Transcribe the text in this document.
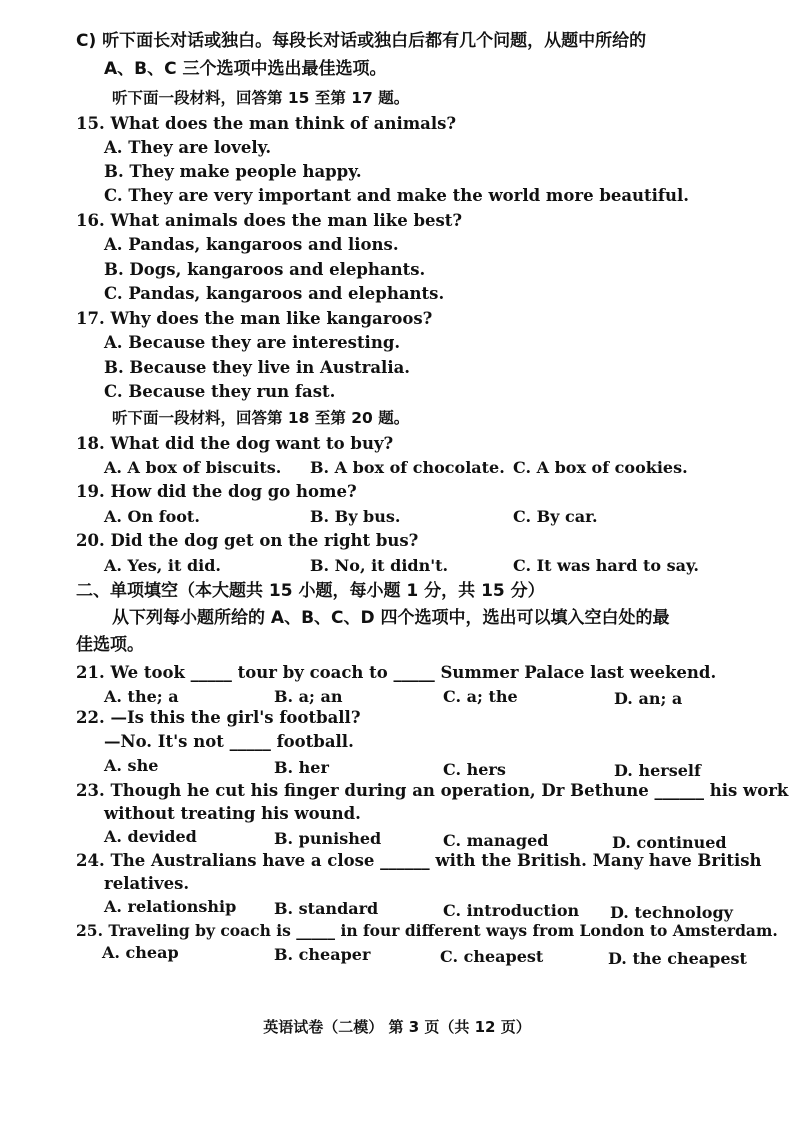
C) 听下面长对话或独白。每段长对话或独白后都有几个问题，从题中所给的
A、B、C 三个选项中选出最佳选项。
听下面一段材料，回答第 15 至第 17 题。
15. What does the man think of animals?
A. They are lovely.
B. They make people happy.
C. They are very important and make the world more beautiful.
16. What animals does the man like best?
A. Pandas, kangaroos and lions.
B. Dogs, kangaroos and elephants.
C. Pandas, kangaroos and elephants.
17. Why does the man like kangaroos?
A. Because they are interesting.
B. Because they live in Australia.
C. Because they run fast.
听下面一段材料，回答第 18 至第 20 题。
18. What did the dog want to buy?
A. A box of biscuits. B. A box of chocolate. C. A box of cookies.
19. How did the dog go home?
A. On foot.	B. By bus.	C. By car.
20. Did the dog get on the right bus?
A. Yes, it did.	B. No, it didn't.	C. It was hard to say.
二、单项填空（本大题共 15 小题，每小题 1 分，共 15 分）
从下列每小题所给的 A、B、C、D 四个选项中，选出可以填入空白处的最
佳选项。
21. We took _____ tour by coach to _____ Summer Palace last weekend.
A. the; a	B. a; an	C. a; the	D. an; a
22. —Is this the girl's football?
—No. It's not _____ football.
A. she	B. her	C. hers	D. herself
23. Though he cut his finger during an operation, Dr Bethune ______ his work
without treating his wound.
A. devided	B. punished	C. managed	D. continued
24. The Australians have a close ______ with the British. Many have British
relatives.
A. relationship B. standard	C. introduction D. technology
25. Traveling by coach is _____ in four different ways from London to Amsterdam.
A. cheap	B. cheaper	C. cheapest	D. the cheapest
英语试卷（二模） 第 3 页（共 12 页）
